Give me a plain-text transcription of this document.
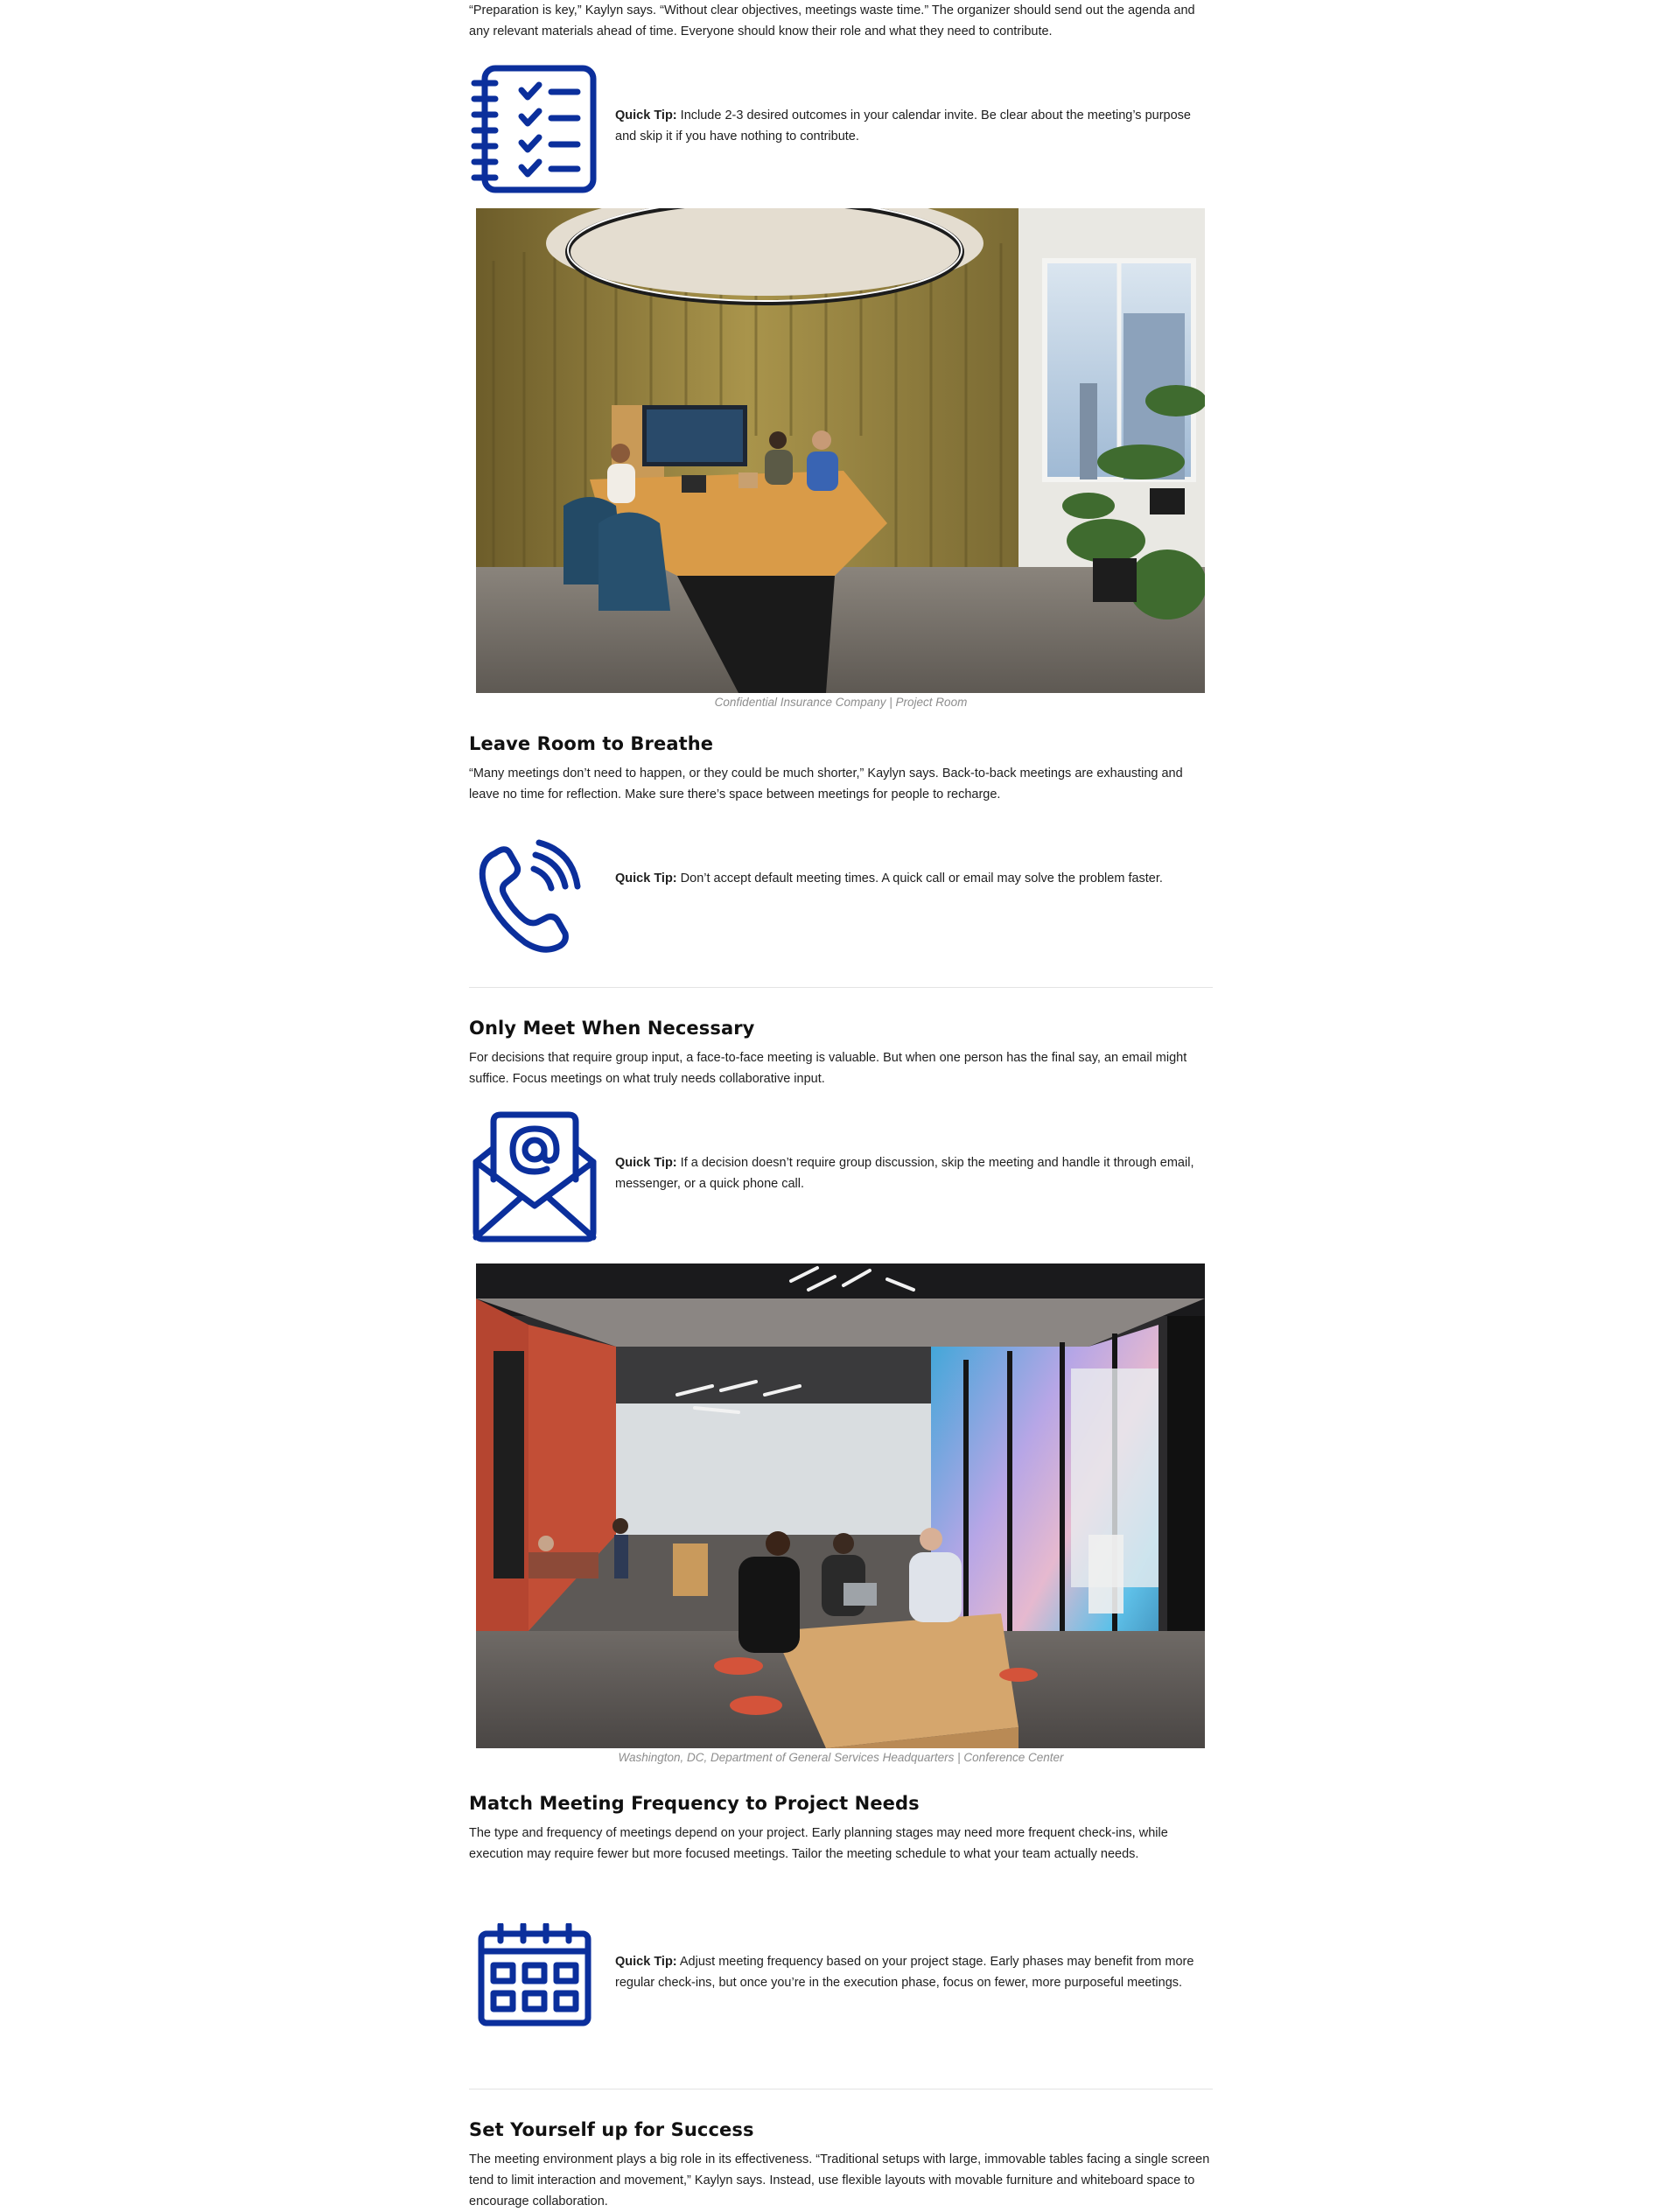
“Preparation is key,” Kaylyn says. “Without clear objectives, meetings waste time.” The organizer should send out the agenda and any relevant materials ahead of time. Everyone should know their role and what they need to contribute.

Quick Tip: Include 2-3 desired outcomes in your calendar invite. Be clear about the meeting’s purpose and skip it if you have nothing to contribute.
Confidential Insurance Company | Project Room
Leave Room to Breathe

“Many meetings don’t need to happen, or they could be much shorter,” Kaylyn says. Back-to-back meetings are exhausting and leave no time for reflection. Make sure there’s space between meetings for people to recharge.

Quick Tip: Don’t accept default meeting times. A quick call or email may solve the problem faster.
Only Meet When Necessary

For decisions that require group input, a face-to-face meeting is valuable. But when one person has the final say, an email might suffice. Focus meetings on what truly needs collaborative input.

Quick Tip: If a decision doesn’t require group discussion, skip the meeting and handle it through email, messenger, or a quick phone call.
Washington, DC, Department of General Services Headquarters | Conference Center
Match Meeting Frequency to Project Needs

The type and frequency of meetings depend on your project. Early planning stages may need more frequent check-ins, while execution may require fewer but more focused meetings. Tailor the meeting schedule to what your team actually needs.

Quick Tip: Adjust meeting frequency based on your project stage. Early phases may benefit from more regular check-ins, but once you’re in the execution phase, focus on fewer, more purposeful meetings.
Set Yourself up for Success

The meeting environment plays a big role in its effectiveness. “Traditional setups with large, immovable tables facing a single screen tend to limit interaction and movement,” Kaylyn says. Instead, use flexible layouts with movable furniture and whiteboard space to encourage collaboration.
